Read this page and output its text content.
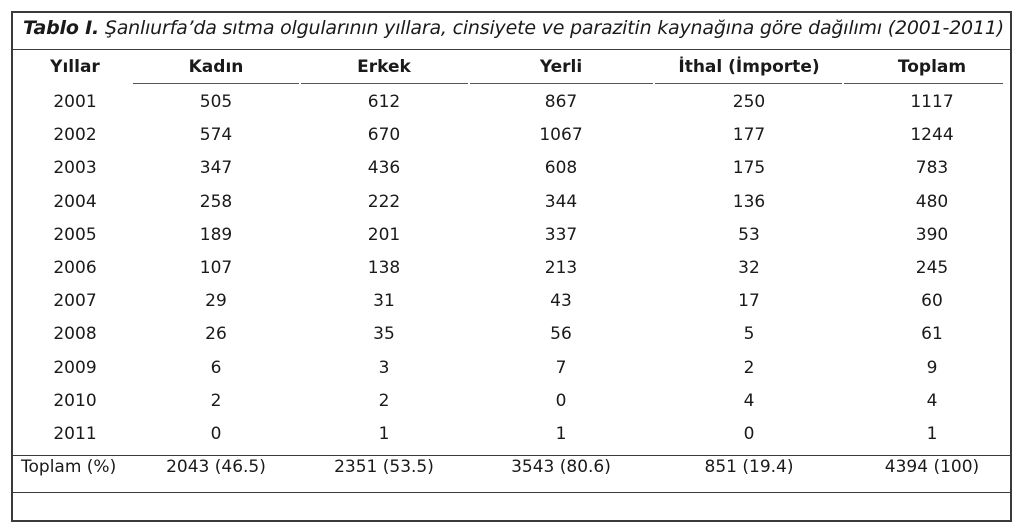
Tablo I. Şanlıurfa’da sıtma olgularının yıllara, cinsiyete ve parazitin kaynağına göre dağılımı (2001-2011)
Yıllar	Kadın	Erkek	Yerli	İthal (İmporte)	Toplam
2001	505	612	867	250	1117
2002	574	670	1067	177	1244
2003	347	436	608	175	783
2004	258	222	344	136	480
2005	189	201	337	53	390
2006	107	138	213	32	245
2007	29	31	43	17	60
2008	26	35	56	5	61
2009	6	3	7	2	9
2010	2	2	0	4	4
2011	0	1	1	0	1
Toplam (%)	2043 (46.5)	2351 (53.5)	3543 (80.6)	851 (19.4)	4394 (100)
